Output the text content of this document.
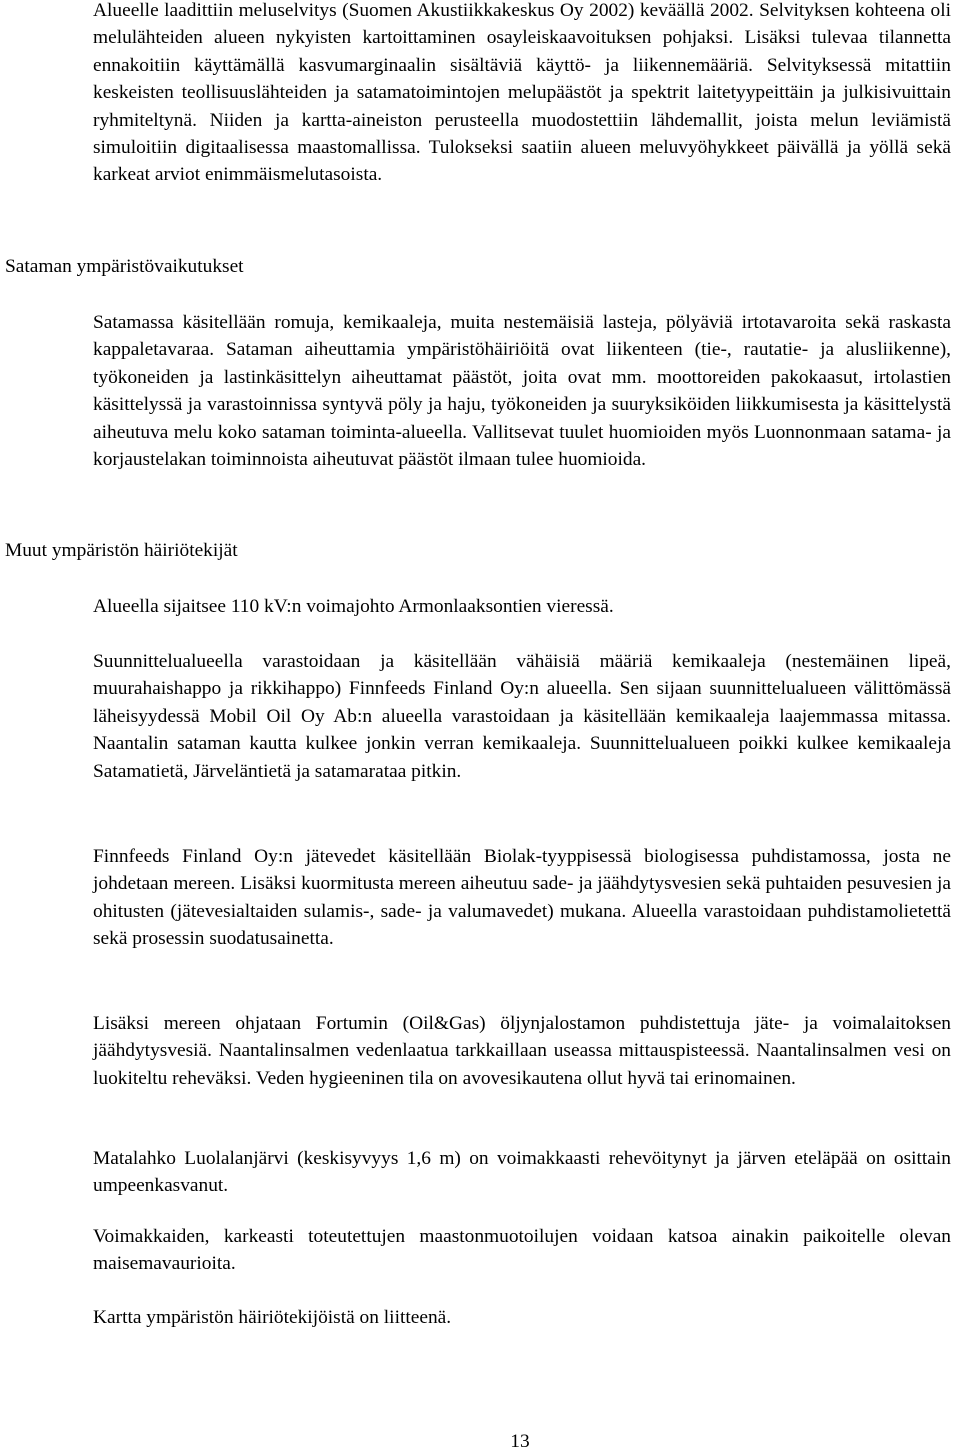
Alueelle laadittiin meluselvitys (Suomen Akustiikkakeskus Oy 2002) keväällä 2002. Selvityksen kohteena oli melulähteiden alueen nykyisten kartoittaminen osayleiskaavoituksen pohjaksi. Lisäksi tulevaa tilannetta ennakoitiin käyttämällä kasvumarginaalin sisältäviä käyttö- ja liikennemääriä. Selvityksessä mitattiin keskeisten teollisuuslähteiden ja satamatoimintojen melupäästöt ja spektrit laitetyypeittäin ja julkisivuittain ryhmiteltynä. Niiden ja kartta-aineiston perusteella muodostettiin lähdemallit, joista melun leviämistä simuloitiin digitaalisessa maastomallissa. Tulokseksi saatiin alueen meluvyöhykkeet päivällä ja yöllä sekä karkeat arviot enimmäismelutasoista.

Sataman ympäristövaikutukset

Satamassa käsitellään romuja, kemikaaleja, muita nestemäisiä lasteja, pölyäviä irtotavaroita sekä raskasta kappaletavaraa. Sataman aiheuttamia ympäristöhäiriöitä ovat liikenteen (tie-, rautatie- ja alusliikenne), työkoneiden ja lastinkäsittelyn aiheuttamat päästöt, joita ovat mm. moottoreiden pakokaasut, irtolastien käsittelyssä ja varastoinnissa syntyvä pöly ja haju, työkoneiden ja suuryksiköiden liikkumisesta ja käsittelystä aiheutuva melu koko sataman toiminta-alueella. Vallitsevat tuulet huomioiden myös Luonnonmaan satama- ja korjaustelakan toiminnoista aiheutuvat päästöt ilmaan tulee huomioida.

Muut ympäristön häiriötekijät

Alueella sijaitsee 110 kV:n voimajohto Armonlaaksontien vieressä.

Suunnittelualueella varastoidaan ja käsitellään vähäisiä määriä kemikaaleja (nestemäinen lipeä, muurahaishappo ja rikkihappo) Finnfeeds Finland Oy:n alueella. Sen sijaan suunnittelualueen välittömässä läheisyydessä Mobil Oil Oy Ab:n alueella varastoidaan ja käsitellään kemikaaleja laajemmassa mitassa. Naantalin sataman kautta kulkee jonkin verran kemikaaleja. Suunnittelualueen poikki kulkee kemikaaleja Satamatietä, Järveläntietä ja satamarataa pitkin.

Finnfeeds Finland Oy:n jätevedet käsitellään Biolak-tyyppisessä biologisessa puhdistamossa, josta ne johdetaan mereen. Lisäksi kuormitusta mereen aiheutuu sade- ja jäähdytysvesien sekä puhtaiden pesuvesien ja ohitusten (jätevesialtaiden sulamis-, sade- ja valumavedet) mukana. Alueella varastoidaan puhdistamolietettä sekä prosessin suodatusainetta.

Lisäksi mereen ohjataan Fortumin (Oil&Gas) öljynjalostamon puhdistettuja jäte- ja voimalaitoksen jäähdytysvesiä. Naantalinsalmen vedenlaatua tarkkaillaan useassa mittauspisteessä. Naantalinsalmen vesi on luokiteltu reheväksi. Veden hygieeninen tila on avovesikautena ollut hyvä tai erinomainen.

Matalahko Luolalanjärvi (keskisyvyys 1,6 m) on voimakkaasti rehevöitynyt ja järven eteläpää on osittain umpeenkasvanut.

Voimakkaiden, karkeasti toteutettujen maastonmuotoilujen voidaan katsoa ainakin paikoitelle olevan maisemavaurioita.

Kartta ympäristön häiriötekijöistä on liitteenä.

13
